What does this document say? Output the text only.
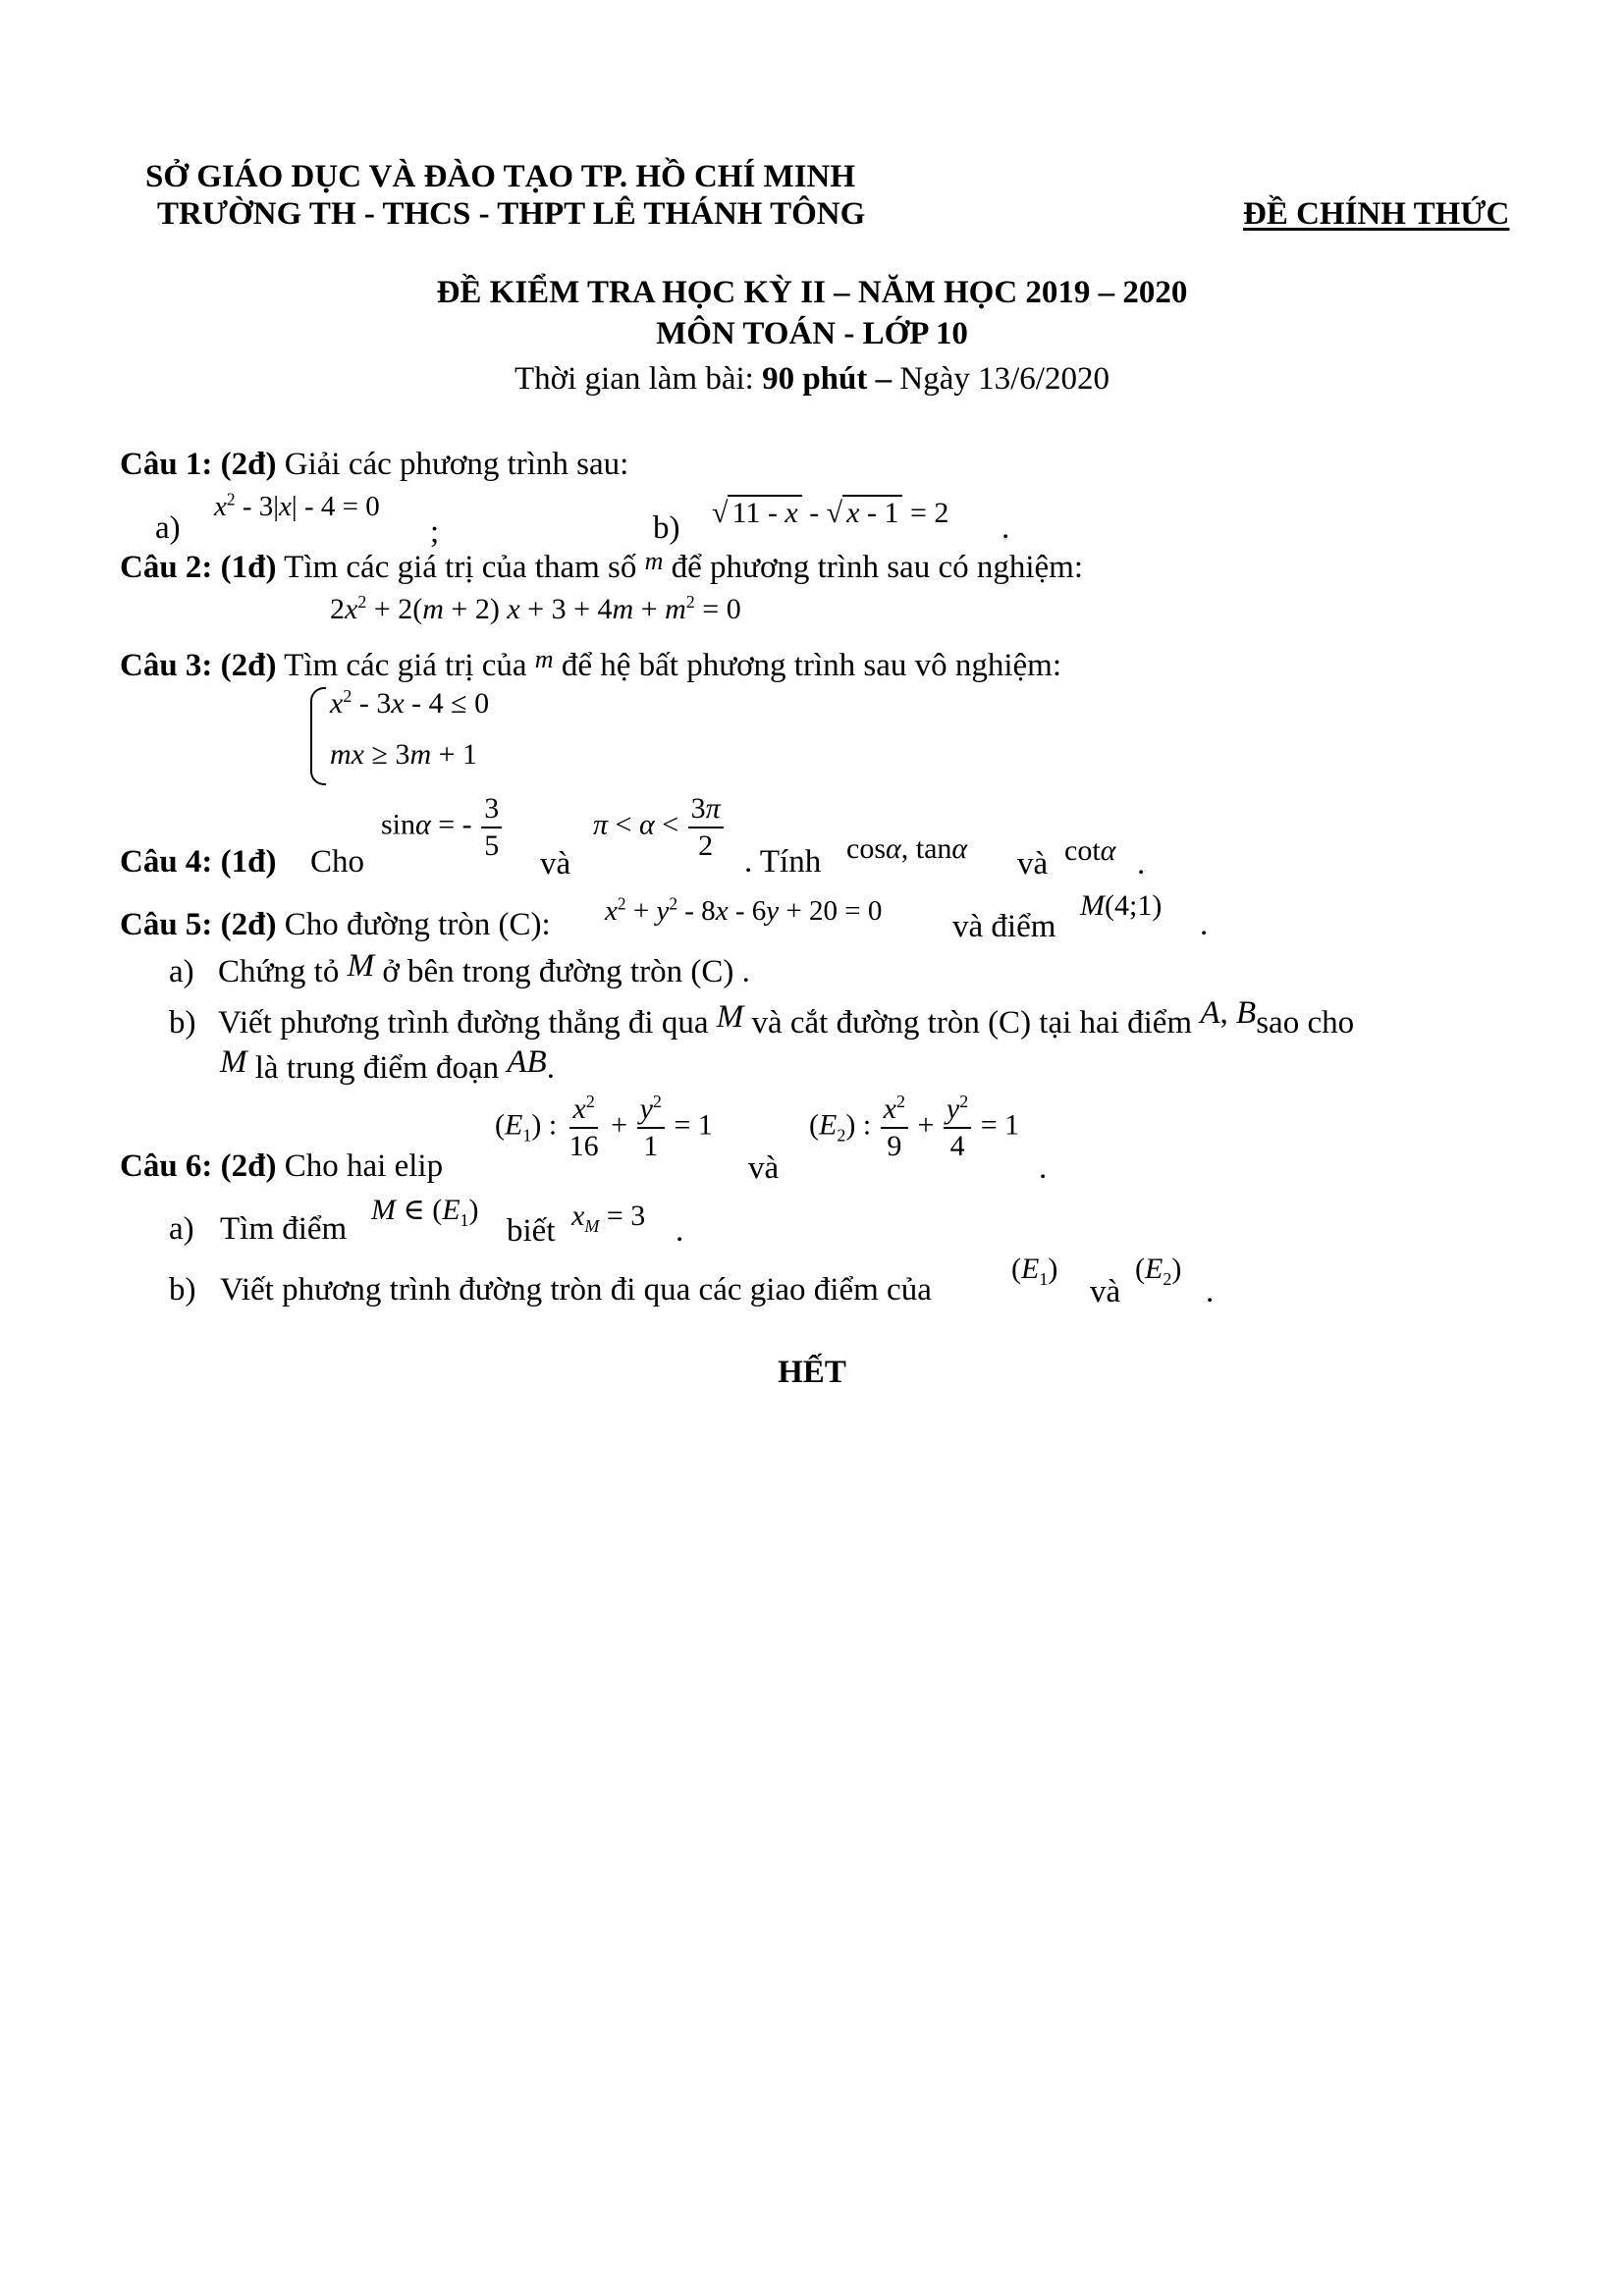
SỞ GIÁO DỤC VÀ ĐÀO TẠO TP. HỒ CHÍ MINH
TRƯỜNG TH - THCS - THPT LÊ THÁNH TÔNG	ĐỀ CHÍNH THỨC
ĐỀ KIỂM TRA HỌC KỲ II – NĂM HỌC 2019 – 2020
MÔN TOÁN - LỚP 10
Thời gian làm bài: 90 phút – Ngày 13/6/2020
Câu 1: (2đ) Giải các phương trình sau:
a)
$x^2 - 3|x| - 4 = 0$
;	b) √ 11 - x - √ x - 1 = 2 .
Câu 2: (1đ) Tìm các giá trị của tham số $^m$ để phương trình sau có nghiệm:
$2x^2 + 2(m + 2) x + 3 + 4m + m^2 = 0$
Câu 3: (2đ) Tìm các giá trị của $^m$ để hệ bất phương trình sau vô nghiệm:
$x^2 - 3x - 4 \le 0$
mx ≥ 3m + 1
Câu 4: (1đ) Cho
sinα = - $\frac{3}{5}$
và
$\pi < \alpha < \frac{3\pi}{2}$
. Tính cosα, tanα và cotα .
Câu 5: (2đ) Cho đường tròn (C): $x^2 + y^2 - 8x - 6y + 20 = 0$ và điểm
M(4;1)
.
a) Chứng tỏ M ở bên trong đường tròn (C) .
b) Viết phương trình đường thẳng đi qua M và cắt đường tròn (C) tại hai điểm A, Bsao cho
M là trung điểm đoạn AB.
Câu 6: (2đ) Cho hai elip
$(E_1)$ : $\frac{x^2}{16} + \frac{y^2}{1} = 1$
và
$(E_2)$ : $\frac{x^2}{9} + \frac{y^2}{4} = 1$
.
a) Tìm điểm
M ∈ $(E_1)$
biết $x_M = 3$ .
b) Viết phương trình đường tròn đi qua các giao điểm của
$(E_1)$
và
$(E_2)$
.
HẾT
